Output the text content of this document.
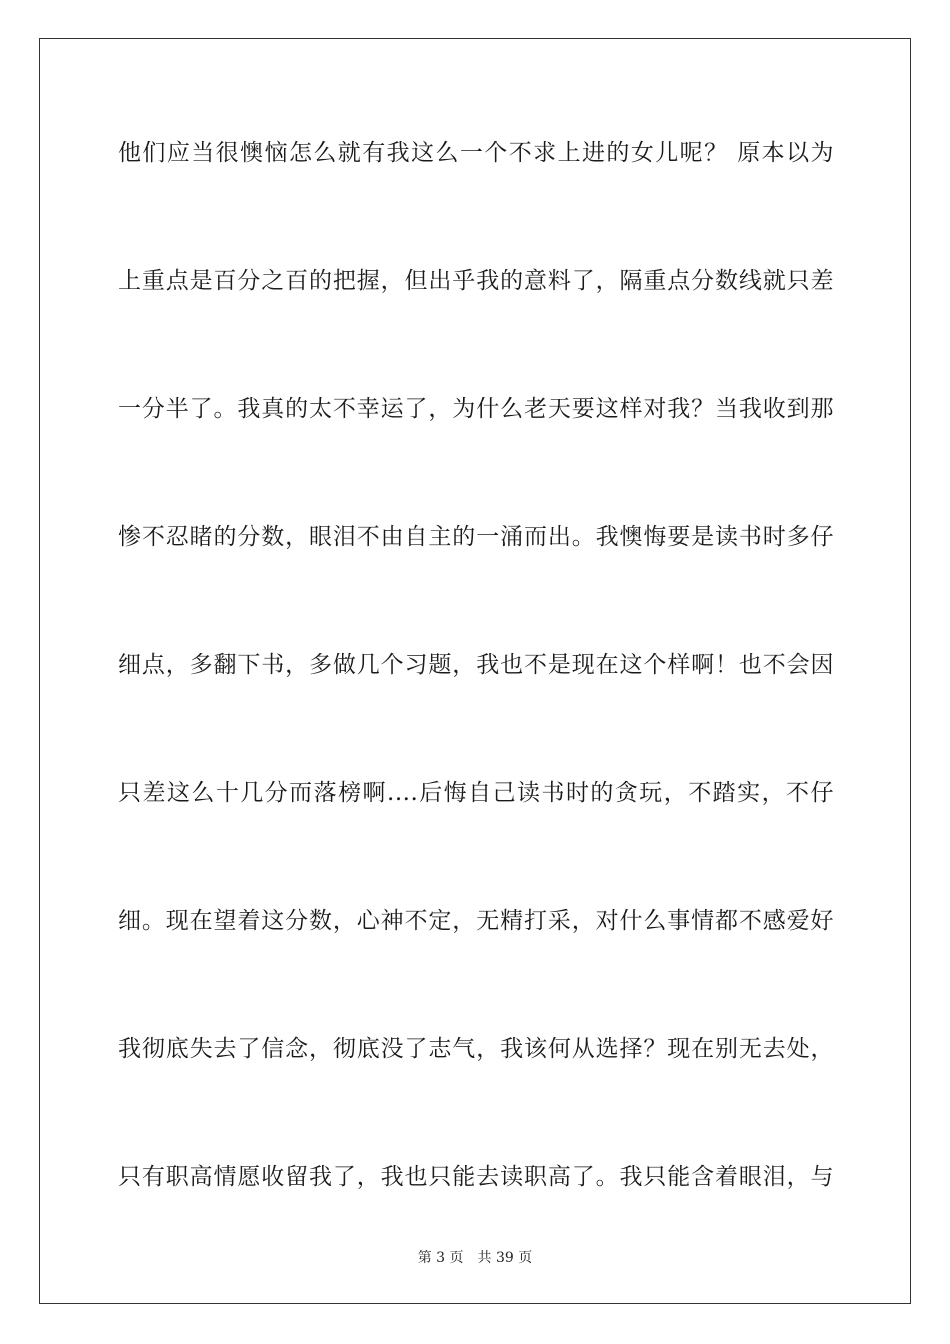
他们应当很懊恼怎么就有我这么一个不求上进的女儿呢？ 原本以为

上重点是百分之百的把握，但出乎我的意料了，隔重点分数线就只差

一分半了。我真的太不幸运了，为什么老天要这样对我？当我收到那

惨不忍睹的分数，眼泪不由自主的一涌而出。我懊悔要是读书时多仔

细点，多翻下书，多做几个习题，我也不是现在这个样啊！也不会因

只差这么十几分而落榜啊....后悔自己读书时的贪玩，不踏实，不仔

细。现在望着这分数，心神不定，无精打采，对什么事情都不感爱好

我彻底失去了信念，彻底没了志气，我该何从选择？现在别无去处，

只有职高情愿收留我了，我也只能去读职高了。我只能含着眼泪，与

第 3 页 共 39 页
